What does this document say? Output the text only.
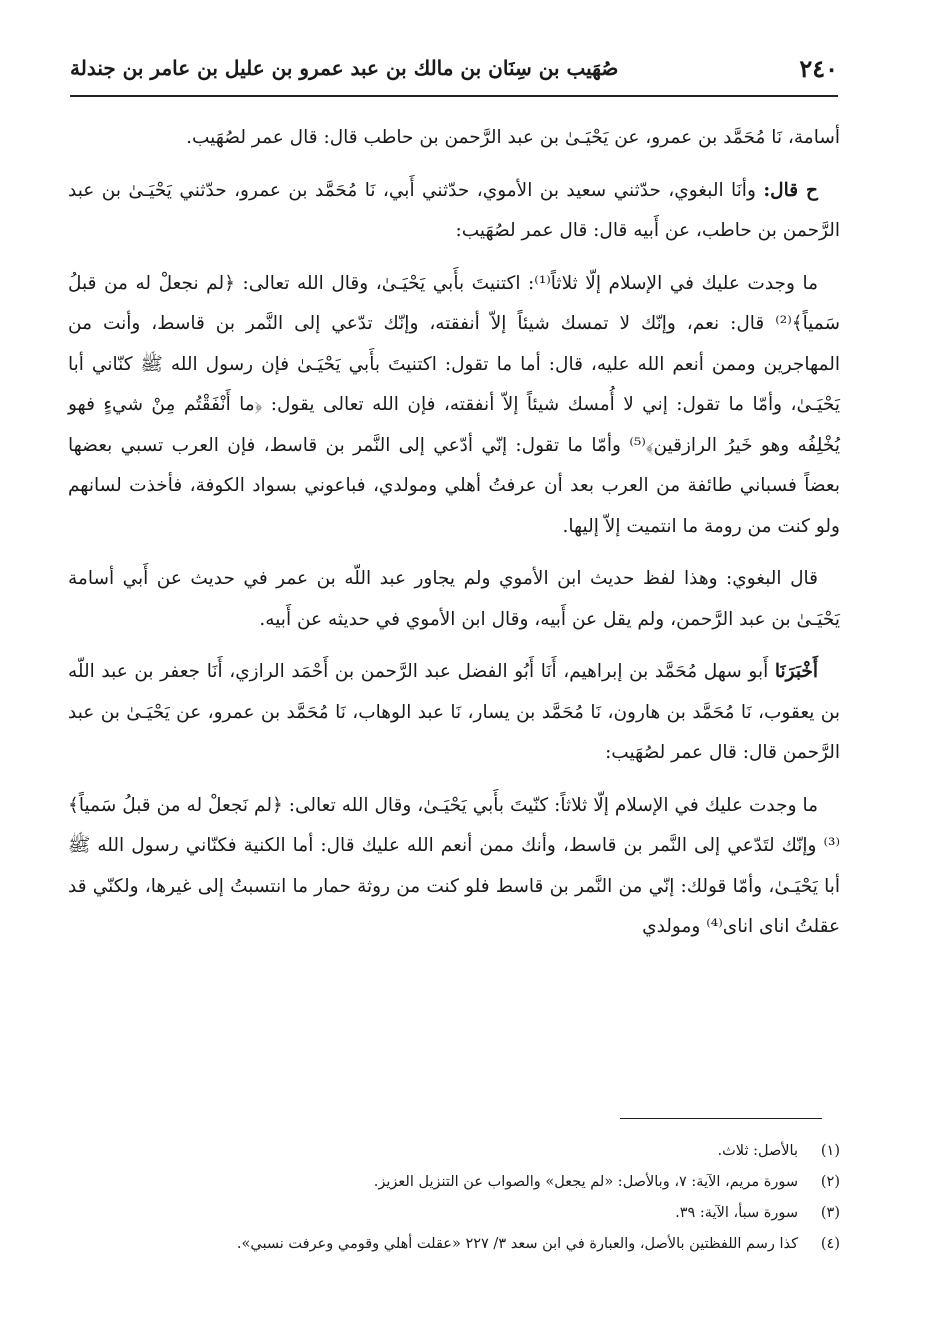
٢٤٠
صُهَيب بن سِنَان بن مالك بن عبد عمرو بن عليل بن عامر بن جندلة

أسامة، نَا مُحَمَّد بن عمرو، عن يَحْيَـىٰ بن عبد الرَّحمن بن حاطب قال: قال عمر لصُهَيب.

ح قال: وأنَا البغوي، حدّثني سعيد بن الأموي، حدّثني أَبي، نَا مُحَمَّد بن عمرو، حدّثني يَحْيَـىٰ بن عبد الرَّحمن بن حاطب، عن أَبيه قال: قال عمر لصُهَيب:

ما وجدت عليك في الإسلام إلّا ثلاثاً⁽¹⁾: اكتنيتَ بأَبي يَحْيَـىٰ، وقال الله تعالى: ﴿لم نجعلْ له من قبلُ سَمياً﴾⁽²⁾ قال: نعم، وإنّك لا تمسك شيئاً إلاّ أنفقته، وإنّك تدّعي إلى النَّمر بن قاسط، وأنت من المهاجرين وممن أنعم الله عليه، قال: أما ما تقول: اكتنيتَ بأَبي يَحْيَـىٰ فإن رسول الله ﷺ كنّاني أبا يَحْيَـىٰ، وأمّا ما تقول: إني لا أُمسك شيئاً إلاّ أنفقته، فإن الله تعالى يقول: ﴿ما أَنْفَقْتُم مِنْ شيءٍ فهو يُخْلِفُه وهو خَيرُ الرازقين﴾⁽⁵⁾ وأمّا ما تقول: إنّي أدّعي إلى النَّمر بن قاسط، فإن العرب تسبي بعضها بعضاً فسباني طائفة من العرب بعد أن عرفتُ أهلي ومولدي، فباعوني بسواد الكوفة، فأخذت لسانهم ولو كنت من رومة ما انتميت إلاّ إليها.

قال البغوي: وهذا لفظ حديث ابن الأموي ولم يجاور عبد اللّه بن عمر في حديث عن أَبي أسامة يَحْيَـىٰ بن عبد الرَّحمن، ولم يقل عن أَبيه، وقال ابن الأموي في حديثه عن أَبيه.

أَخْبَرَنَا أَبو سهل مُحَمَّد بن إبراهيم، أَنَا أَبُو الفضل عبد الرَّحمن بن أَحْمَد الرازي، أَنَا جعفر بن عبد اللّه بن يعقوب، نَا مُحَمَّد بن هارون، نَا مُحَمَّد بن يسار، نَا عبد الوهاب، نَا مُحَمَّد بن عمرو، عن يَحْيَـىٰ بن عبد الرَّحمن قال: قال عمر لصُهَيب:

ما وجدت عليك في الإسلام إلّا ثلاثاً: كنّيتَ بأَبي يَحْيَـىٰ، وقال الله تعالى: ﴿لم نَجعلْ له من قبلُ سَمياً﴾⁽³⁾ وإنّك لتَدّعي إلى النَّمر بن قاسط، وأنك ممن أنعم الله عليك قال: أما الكنية فكنّاني رسول الله ﷺ أبا يَحْيَـىٰ، وأمّا قولك: إنّي من النَّمر بن قاسط فلو كنت من روثة حمار ما انتسبتُ إلى غيرها، ولكنّي قد عقلتُ اناى اناى⁽⁴⁾ ومولدي

(١)
بالأصل: ثلاث.
(٢)
سورة مريم، الآية: ٧، وبالأصل: «لم يجعل» والصواب عن التنزيل العزيز.
(٣)
سورة سبأ، الآية: ٣٩.
(٤)
كذا رسم اللفظتين بالأصل، والعبارة في ابن سعد ٣/ ٢٢٧ «عقلت أهلي وقومي وعرفت نسبي».
